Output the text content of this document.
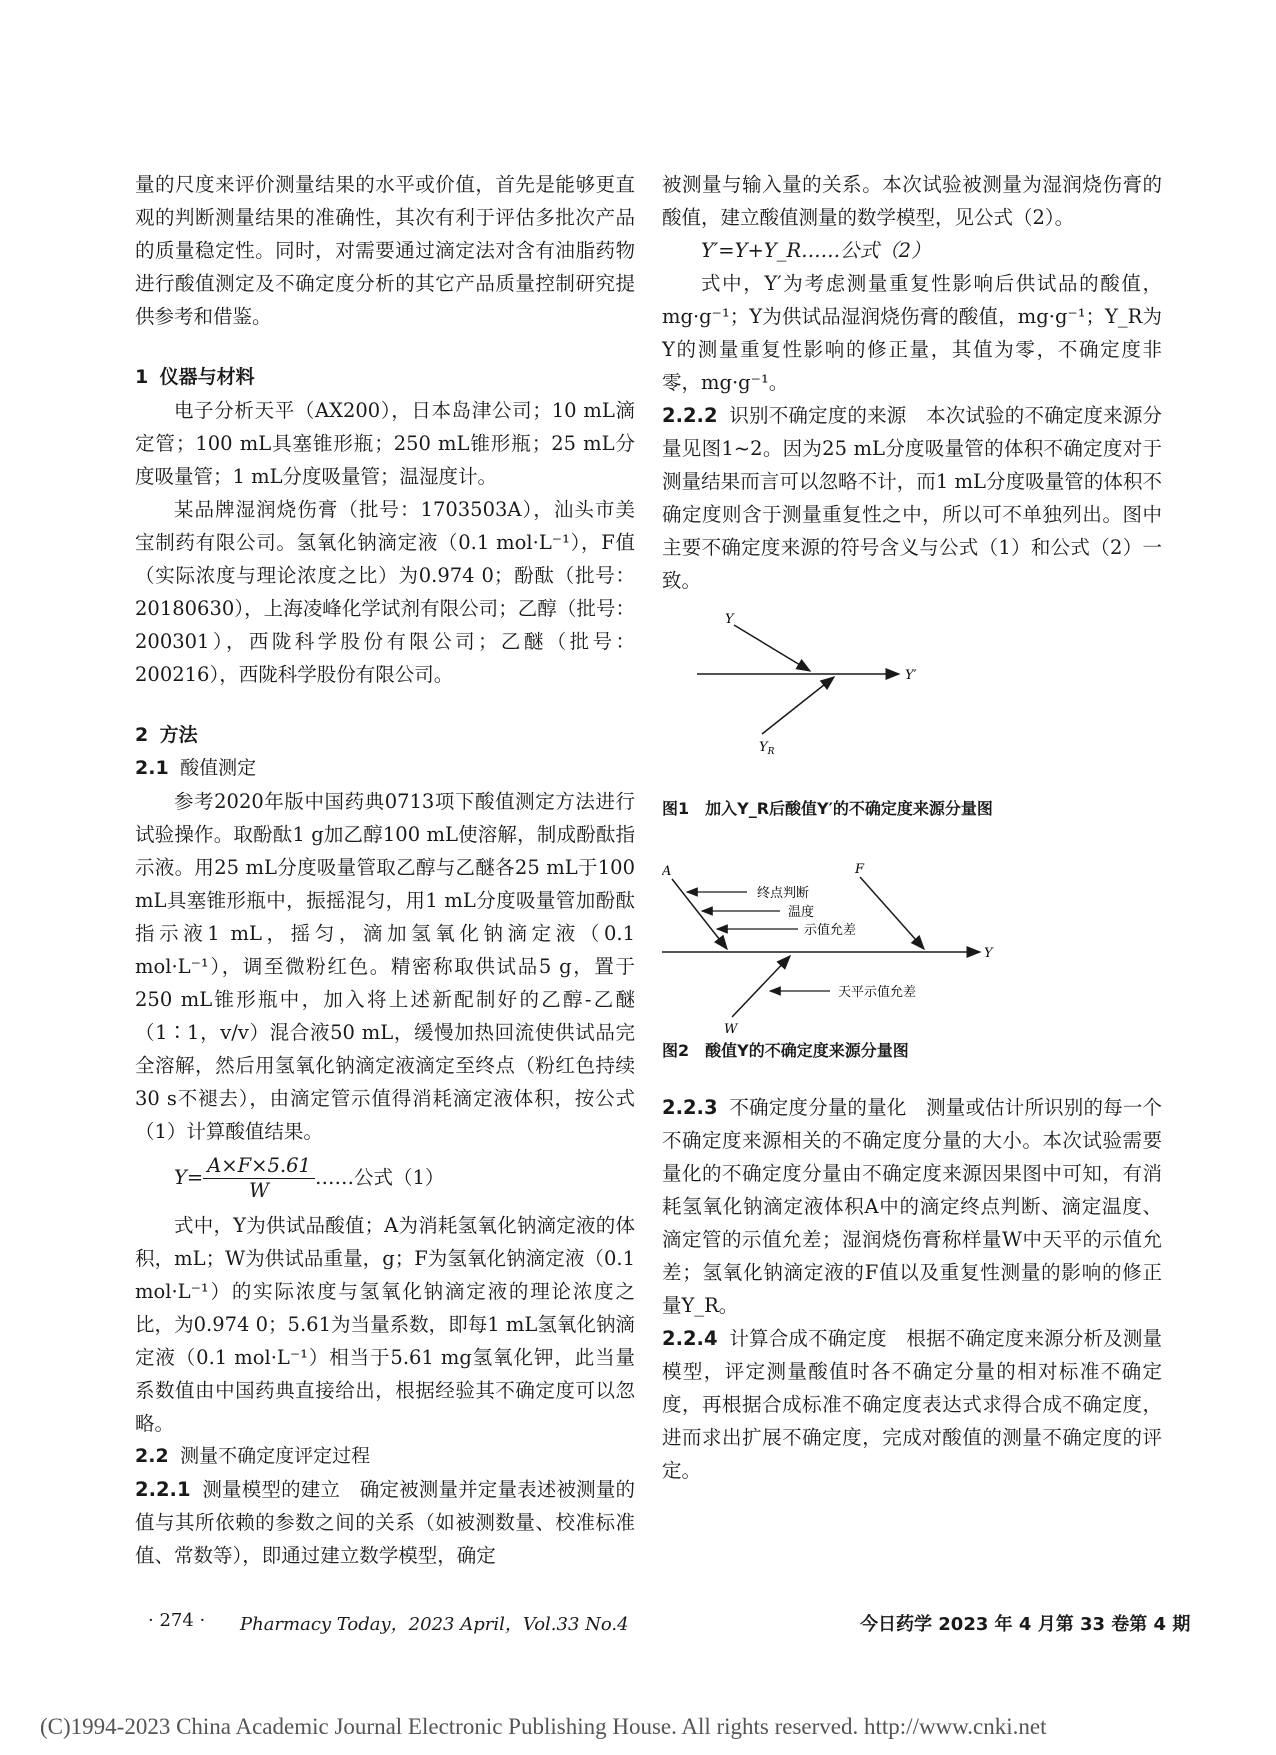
量的尺度来评价测量结果的水平或价值，首先是能够更直观的判断测量结果的准确性，其次有利于评估多批次产品的质量稳定性。同时，对需要通过滴定法对含有油脂药物进行酸值测定及不确定度分析的其它产品质量控制研究提供参考和借鉴。

1 仪器与材料

电子分析天平（AX200），日本岛津公司；10 mL滴定管；100 mL具塞锥形瓶；250 mL锥形瓶；25 mL分度吸量管；1 mL分度吸量管；温湿度计。

某品牌湿润烧伤膏（批号：1703503A），汕头市美宝制药有限公司。氢氧化钠滴定液（0.1 mol·L⁻¹），F值（实际浓度与理论浓度之比）为0.974 0；酚酞（批号：20180630），上海凌峰化学试剂有限公司；乙醇（批号：200301），西陇科学股份有限公司；乙醚（批号：200216），西陇科学股份有限公司。

2 方法

2.1 酸值测定

参考2020年版中国药典0713项下酸值测定方法进行试验操作。取酚酞1 g加乙醇100 mL使溶解，制成酚酞指示液。用25 mL分度吸量管取乙醇与乙醚各25 mL于100 mL具塞锥形瓶中，振摇混匀，用1 mL分度吸量管加酚酞指示液1 mL，摇匀，滴加氢氧化钠滴定液（0.1 mol·L⁻¹），调至微粉红色。精密称取供试品5 g，置于250 mL锥形瓶中，加入将上述新配制好的乙醇-乙醚（1∶1，v/v）混合液50 mL，缓慢加热回流使供试品完全溶解，然后用氢氧化钠滴定液滴定至终点（粉红色持续30 s不褪去），由滴定管示值得消耗滴定液体积，按公式（1）计算酸值结果。

$Y= \frac{A\times F\times 5.61}{W}$ ……公式（1）

式中，Y为供试品酸值；A为消耗氢氧化钠滴定液的体积，mL；W为供试品重量，g；F为氢氧化钠滴定液（0.1 mol·L⁻¹）的实际浓度与氢氧化钠滴定液的理论浓度之比，为0.974 0；5.61为当量系数，即每1 mL氢氧化钠滴定液（0.1 mol·L⁻¹）相当于5.61 mg氢氧化钾，此当量系数值由中国药典直接给出，根据经验其不确定度可以忽略。

2.2 测量不确定度评定过程

2.2.1 测量模型的建立　确定被测量并定量表述被测量的值与其所依赖的参数之间的关系（如被测数量、校准标准值、常数等），即通过建立数学模型，确定

被测量与输入量的关系。本次试验被测量为湿润烧伤膏的酸值，建立酸值测量的数学模型，见公式（2）。

Y′=Y+Y_R……公式（2）

式中，Y′为考虑测量重复性影响后供试品的酸值，mg·g⁻¹；Y为供试品湿润烧伤膏的酸值，mg·g⁻¹；Y_R为Y的测量重复性影响的修正量，其值为零，不确定度非零，mg·g⁻¹。

2.2.2 识别不确定度的来源　本次试验的不确定度来源分量见图1~2。因为25 mL分度吸量管的体积不确定度对于测量结果而言可以忽略不计，而1 mL分度吸量管的体积不确定度则含于测量重复性之中，所以可不单独列出。图中主要不确定度来源的符号含义与公式（1）和公式（2）一致。

Y
Y′
$Y_R$

图1　加入Y_R后酸值Y′的不确定度来源分量图

A	F
Y
W
终点判断
温度
示值允差
天平示值允差

图2　酸值Y的不确定度来源分量图

2.2.3 不确定度分量的量化　测量或估计所识别的每一个不确定度来源相关的不确定度分量的大小。本次试验需要量化的不确定度分量由不确定度来源因果图中可知，有消耗氢氧化钠滴定液体积A中的滴定终点判断、滴定温度、滴定管的示值允差；湿润烧伤膏称样量W中天平的示值允差；氢氧化钠滴定液的F值以及重复性测量的影响的修正量Y_R。

2.2.4 计算合成不确定度　根据不确定度来源分析及测量模型，评定测量酸值时各不确定分量的相对标准不确定度，再根据合成标准不确定度表达式求得合成不确定度，进而求出扩展不确定度，完成对酸值的测量不确定度的评定。

· 274 · Pharmacy Today，2023 April，Vol.33 No.4	今日药学 2023 年 4 月第 33 卷第 4 期
(C)1994-2023 China Academic Journal Electronic Publishing House. All rights reserved. http://www.cnki.net
